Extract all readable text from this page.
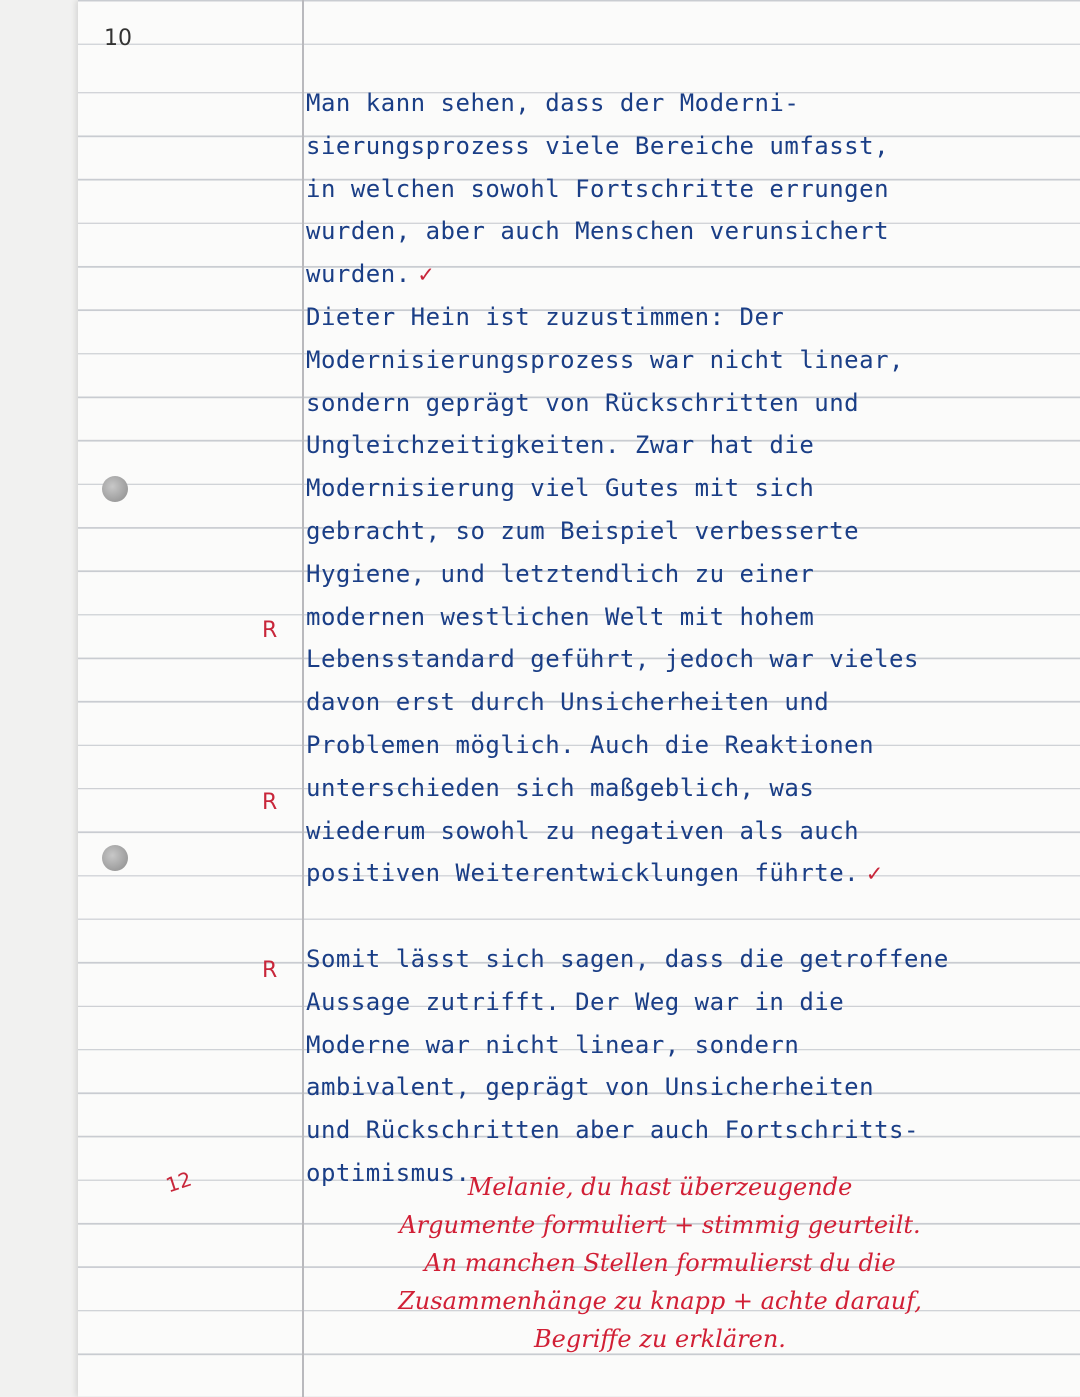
10
12
Man kann sehen, dass der Moderni-
sierungsprozess viele Bereiche umfasst,
in welchen sowohl Fortschritte errungen
wurden, aber auch Menschen verunsichert
wurden. ✓
Dieter Hein ist zuzustimmen: Der
Modernisierungsprozess war nicht linear,
sondern geprägt von Rückschritten und
Ungleichzeitigkeiten. Zwar hat die
Modernisierung viel Gutes mit sich
gebracht, so zum Beispiel verbesserte
Hygiene, und letztendlich zu einer
modernen westlichen Welt mit hohem
Lebensstandard geführt, jedoch war vieles
davon erst durch Unsicherheiten und
Problemen möglich. Auch die Reaktionen
unterschieden sich maßgeblich, was
wiederum sowohl zu negativen als auch
positiven Weiterentwicklungen führte. ✓
Somit lässt sich sagen, dass die getroffene
Aussage zutrifft. Der Weg war in die
Moderne war nicht linear, sondern
ambivalent, geprägt von Unsicherheiten
und Rückschritten aber auch Fortschritts-
optimismus.
R
R
R
Melanie, du hast überzeugende
Argumente formuliert + stimmig geurteilt.
An manchen Stellen formulierst du die
Zusammenhänge zu knapp + achte darauf,
Begriffe zu erklären.
